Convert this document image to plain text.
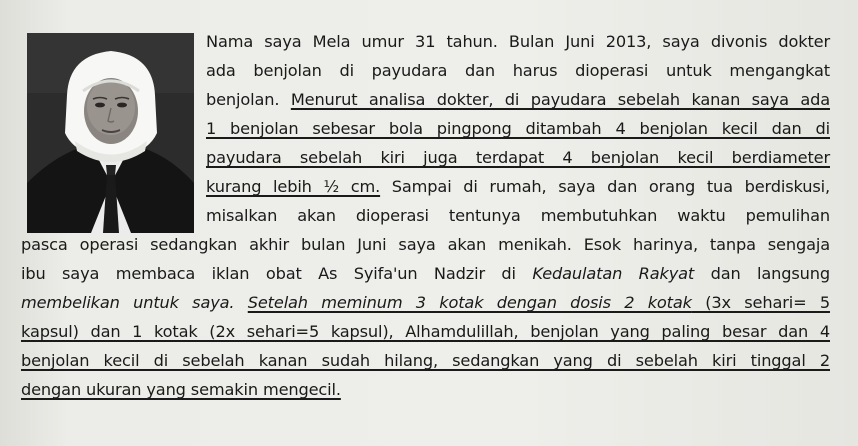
Nama saya Mela umur 31 tahun. Bulan Juni 2013, saya divonis dokter
ada benjolan di payudara dan harus dioperasi untuk mengangkat
benjolan. Menurut analisa dokter, di payudara sebelah kanan saya ada
1 benjolan sebesar bola pingpong ditambah 4 benjolan kecil dan di
payudara sebelah kiri juga terdapat 4 benjolan kecil berdiameter
kurang lebih ½ cm. Sampai di rumah, saya dan orang tua berdiskusi,
misalkan akan dioperasi tentunya membutuhkan waktu pemulihan
pasca operasi sedangkan akhir bulan Juni saya akan menikah. Esok harinya, tanpa sengaja
ibu saya membaca iklan obat As Syifa'un Nadzir di Kedaulatan Rakyat dan langsung
membelikan untuk saya. Setelah meminum 3 kotak dengan dosis 2 kotak (3x sehari= 5
kapsul) dan 1 kotak (2x sehari=5 kapsul), Alhamdulillah, benjolan yang paling besar dan 4
benjolan kecil di sebelah kanan sudah hilang, sedangkan yang di sebelah kiri tinggal 2
dengan ukuran yang semakin mengecil.
